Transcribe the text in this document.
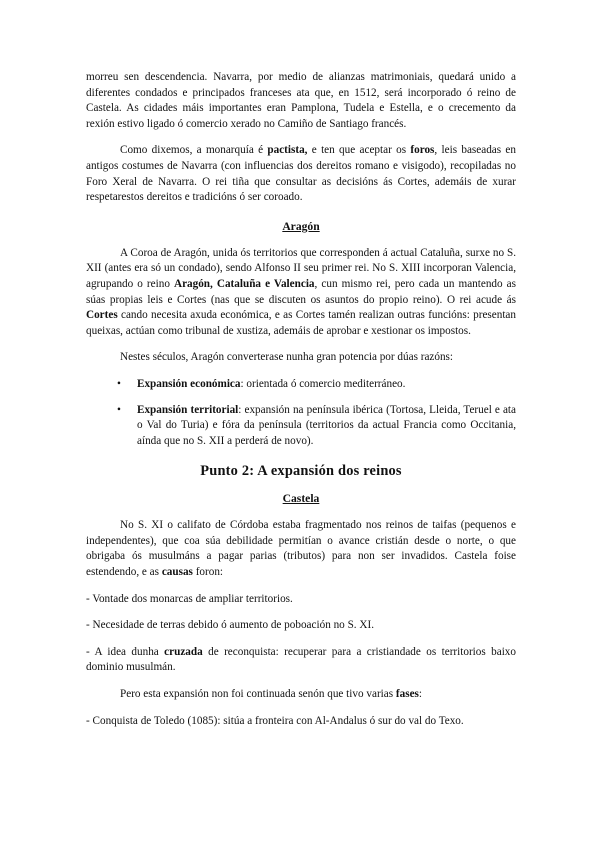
morreu sen descendencia. Navarra, por medio de alianzas matrimoniais, quedará unido a diferentes condados e principados franceses ata que, en 1512, será incorporado ó reino de Castela. As cidades máis importantes eran Pamplona, Tudela e Estella, e o crecemento da rexión estivo ligado ó comercio xerado no Camiño de Santiago francés.

Como dixemos, a monarquía é pactista, e ten que aceptar os foros, leis baseadas en antigos costumes de Navarra (con influencias dos dereitos romano e visigodo), recopiladas no Foro Xeral de Navarra. O rei tiña que consultar as decisións ás Cortes, ademáis de xurar respetarestos dereitos e tradicións ó ser coroado.

Aragón

A Coroa de Aragón, unida ós territorios que corresponden á actual Cataluña, surxe no S. XII (antes era só un condado), sendo Alfonso II seu primer rei. No S. XIII incorporan Valencia, agrupando o reino Aragón, Cataluña e Valencia, cun mismo rei, pero cada un mantendo as súas propias leis e Cortes (nas que se discuten os asuntos do propio reino). O rei acude ás Cortes cando necesita axuda económica, e as Cortes tamén realizan outras funcións: presentan queixas, actúan como tribunal de xustiza, ademáis de aprobar e xestionar os impostos.

Nestes séculos, Aragón converterase nunha gran potencia por dúas razóns:

• Expansión económica: orientada ó comercio mediterráneo.
• Expansión territorial: expansión na península ibérica (Tortosa, Lleida, Teruel e ata o Val do Turia) e fóra da península (territorios da actual Francia como Occitania, aínda que no S. XII a perderá de novo).
Punto 2: A expansión dos reinos
Castela

No S. XI o califato de Córdoba estaba fragmentado nos reinos de taifas (pequenos e independentes), que coa súa debilidade permitían o avance cristián desde o norte, o que obrigaba ós musulmáns a pagar parias (tributos) para non ser invadidos. Castela foise estendendo, e as causas foron:

- Vontade dos monarcas de ampliar territorios.

- Necesidade de terras debido ó aumento de poboación no S. XI.

- A idea dunha cruzada de reconquista: recuperar para a cristiandade os territorios baixo dominio musulmán.

Pero esta expansión non foi continuada senón que tivo varias fases:

- Conquista de Toledo (1085): sitúa a fronteira con Al-Andalus ó sur do val do Texo.
